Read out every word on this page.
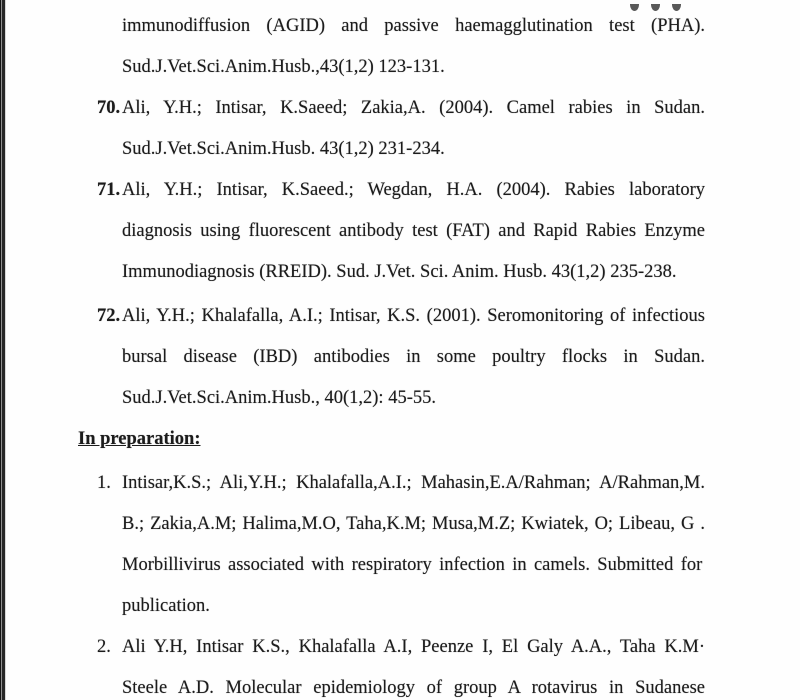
immunodiffusion (AGID) and passive haemagglutination test (PHA).
Sud.J.Vet.Sci.Anim.Husb.,43(1,2) 123-131.
70. Ali, Y.H.; Intisar, K.Saeed; Zakia,A. (2004). Camel rabies in Sudan.
Sud.J.Vet.Sci.Anim.Husb. 43(1,2) 231-234.
71. Ali, Y.H.; Intisar, K.Saeed.; Wegdan, H.A. (2004). Rabies laboratory
diagnosis using fluorescent antibody test (FAT) and Rapid Rabies Enzyme
Immunodiagnosis (RREID). Sud. J.Vet. Sci. Anim. Husb. 43(1,2) 235-238.
72. Ali, Y.H.; Khalafalla, A.I.; Intisar, K.S. (2001). Seromonitoring of infectious
bursal disease (IBD) antibodies in some poultry flocks in Sudan.
Sud.J.Vet.Sci.Anim.Husb., 40(1,2): 45-55.
In preparation:
1. Intisar,K.S.; Ali,Y.H.; Khalafalla,A.I.; Mahasin,E.A/Rahman; A/Rahman,M.
B.; Zakia,A.M; Halima,M.O, Taha,K.M; Musa,M.Z; Kwiatek, O; Libeau, G .
Morbillivirus associated with respiratory infection in camels. Submitted for
publication.
2. Ali Y.H, Intisar K.S., Khalafalla A.I, Peenze I, El Galy A.A., Taha K.M·
Steele A.D. Molecular epidemiology of group A rotavirus in Sudanese
